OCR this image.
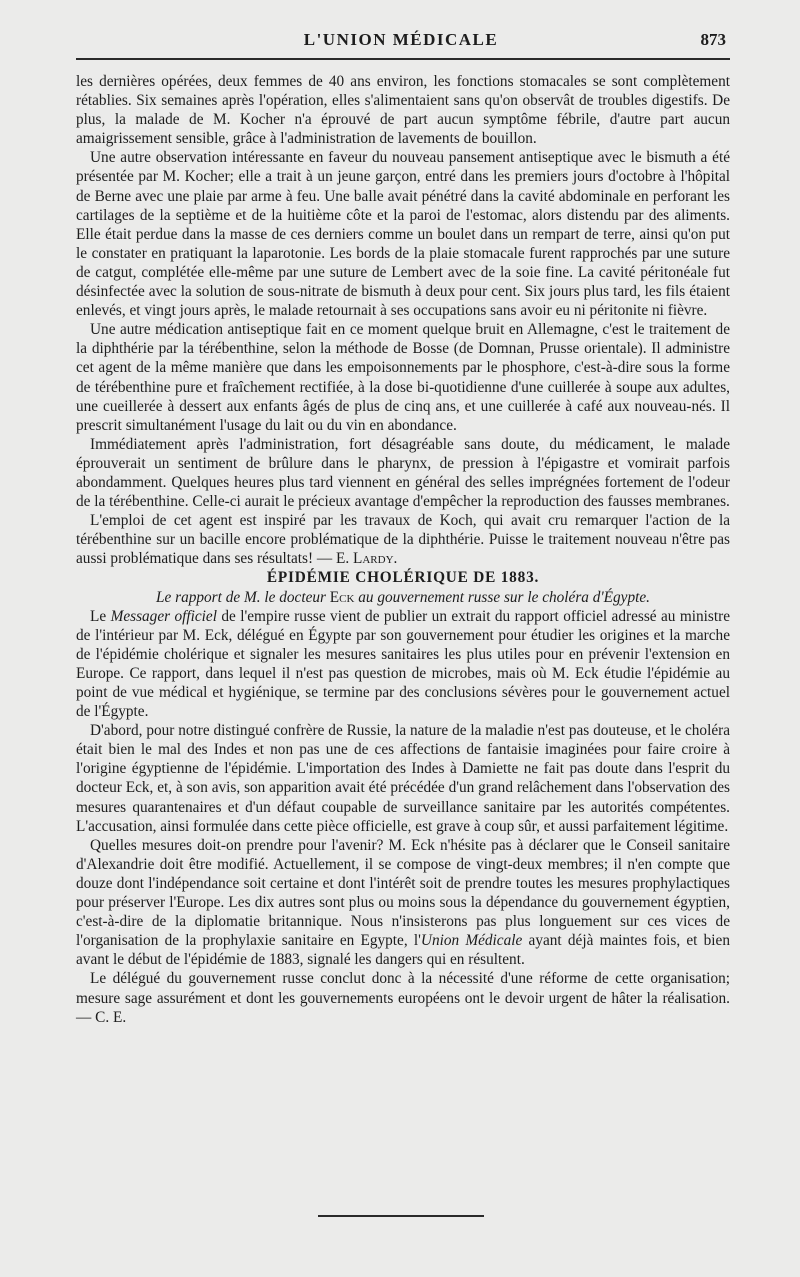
L'UNION MÉDICALE	873

les dernières opérées, deux femmes de 40 ans environ, les fonctions stomacales se sont complètement rétablies. Six semaines après l'opération, elles s'alimentaient sans qu'on observât de troubles digestifs. De plus, la malade de M. Kocher n'a éprouvé de part aucun symptôme fébrile, d'autre part aucun amaigrissement sensible, grâce à l'administration de lavements de bouillon.

Une autre observation intéressante en faveur du nouveau pansement antiseptique avec le bismuth a été présentée par M. Kocher; elle a trait à un jeune garçon, entré dans les premiers jours d'octobre à l'hôpital de Berne avec une plaie par arme à feu. Une balle avait pénétré dans la cavité abdominale en perforant les cartilages de la septième et de la huitième côte et la paroi de l'estomac, alors distendu par des aliments. Elle était perdue dans la masse de ces derniers comme un boulet dans un rempart de terre, ainsi qu'on put le constater en pratiquant la laparotonie. Les bords de la plaie stomacale furent rapprochés par une suture de catgut, complétée elle-même par une suture de Lembert avec de la soie fine. La cavité péritonéale fut désinfectée avec la solution de sous-nitrate de bismuth à deux pour cent. Six jours plus tard, les fils étaient enlevés, et vingt jours après, le malade retournait à ses occupations sans avoir eu ni péritonite ni fièvre.

Une autre médication antiseptique fait en ce moment quelque bruit en Allemagne, c'est le traitement de la diphthérie par la térébenthine, selon la méthode de Bosse (de Domnan, Prusse orientale). Il administre cet agent de la même manière que dans les empoisonnements par le phosphore, c'est-à-dire sous la forme de térébenthine pure et fraîchement rectifiée, à la dose bi-quotidienne d'une cuillerée à soupe aux adultes, une cueillerée à dessert aux enfants âgés de plus de cinq ans, et une cuillerée à café aux nouveau-nés. Il prescrit simultanément l'usage du lait ou du vin en abondance.

Immédiatement après l'administration, fort désagréable sans doute, du médicament, le malade éprouverait un sentiment de brûlure dans le pharynx, de pression à l'épigastre et vomirait parfois abondamment. Quelques heures plus tard viennent en général des selles imprégnées fortement de l'odeur de la térébenthine. Celle-ci aurait le précieux avantage d'empêcher la reproduction des fausses membranes.

L'emploi de cet agent est inspiré par les travaux de Koch, qui avait cru remarquer l'action de la térébenthine sur un bacille encore problématique de la diphthérie. Puisse le traitement nouveau n'être pas aussi problématique dans ses résultats! — E. Lardy.

ÉPIDÉMIE CHOLÉRIQUE DE 1883.

Le rapport de M. le docteur Eck au gouvernement russe sur le choléra d'Égypte.

Le Messager officiel de l'empire russe vient de publier un extrait du rapport officiel adressé au ministre de l'intérieur par M. Eck, délégué en Égypte par son gouvernement pour étudier les origines et la marche de l'épidémie cholérique et signaler les mesures sanitaires les plus utiles pour en prévenir l'extension en Europe. Ce rapport, dans lequel il n'est pas question de microbes, mais où M. Eck étudie l'épidémie au point de vue médical et hygiénique, se termine par des conclusions sévères pour le gouvernement actuel de l'Égypte.

D'abord, pour notre distingué confrère de Russie, la nature de la maladie n'est pas douteuse, et le choléra était bien le mal des Indes et non pas une de ces affections de fantaisie imaginées pour faire croire à l'origine égyptienne de l'épidémie. L'importation des Indes à Damiette ne fait pas doute dans l'esprit du docteur Eck, et, à son avis, son apparition avait été précédée d'un grand relâchement dans l'observation des mesures quarantenaires et d'un défaut coupable de surveillance sanitaire par les autorités compétentes. L'accusation, ainsi formulée dans cette pièce officielle, est grave à coup sûr, et aussi parfaitement légitime.

Quelles mesures doit-on prendre pour l'avenir? M. Eck n'hésite pas à déclarer que le Conseil sanitaire d'Alexandrie doit être modifié. Actuellement, il se compose de vingt-deux membres; il n'en compte que douze dont l'indépendance soit certaine et dont l'intérêt soit de prendre toutes les mesures prophylactiques pour préserver l'Europe. Les dix autres sont plus ou moins sous la dépendance du gouvernement égyptien, c'est-à-dire de la diplomatie britannique. Nous n'insisterons pas plus longuement sur ces vices de l'organisation de la prophylaxie sanitaire en Egypte, l'Union Médicale ayant déjà maintes fois, et bien avant le début de l'épidémie de 1883, signalé les dangers qui en résultent.

Le délégué du gouvernement russe conclut donc à la nécessité d'une réforme de cette organisation; mesure sage assurément et dont les gouvernements européens ont le devoir urgent de hâter la réalisation. — C. E.
